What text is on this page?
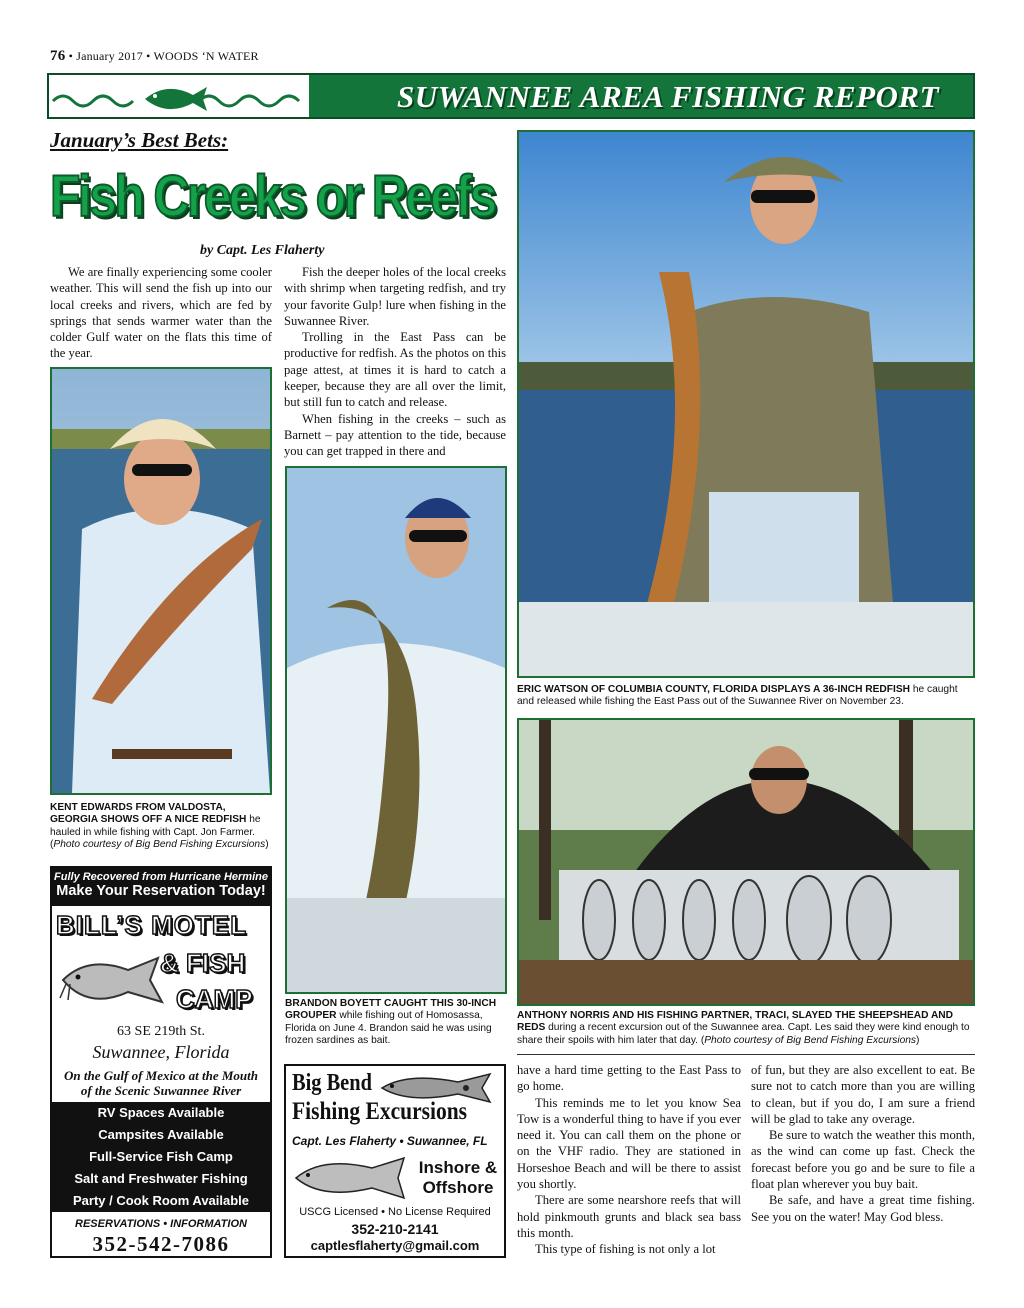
76 • January 2017 • WOODS ‘N WATER
SUWANNEE AREA FISHING REPORT
January’s Best Bets:
Fish Creeks or Reefs
by Capt. Les Flaherty

We are finally experiencing some cooler weather. This will send the fish up into our local creeks and rivers, which are fed by springs that sends warmer water than the colder Gulf water on the flats this time of the year.

Fish the deeper holes of the local creeks with shrimp when targeting redfish, and try your favorite Gulp! lure when fishing in the Suwannee River.

Trolling in the East Pass can be productive for redfish. As the photos on this page attest, at times it is hard to catch a keeper, because they are all over the limit, but still fun to catch and release.

When fishing in the creeks – such as Barnett – pay attention to the tide, because you can get trapped in there and

KENT EDWARDS FROM VALDOSTA, GEORGIA SHOWS OFF A NICE REDFISH he hauled in while fishing with Capt. Jon Farmer. (Photo courtesy of Big Bend Fishing Excursions)
BRANDON BOYETT CAUGHT THIS 30-INCH GROUPER while fishing out of Homosassa, Florida on June 4. Brandon said he was using frozen sardines as bait.
ERIC WATSON OF COLUMBIA COUNTY, FLORIDA DISPLAYS A 36-INCH REDFISH he caught and released while fishing the East Pass out of the Suwannee River on November 23.
ANTHONY NORRIS AND HIS FISHING PARTNER, TRACI, SLAYED THE SHEEPSHEAD AND REDS during a recent excursion out of the Suwannee area. Capt. Les said they were kind enough to share their spoils with him later that day. (Photo courtesy of Big Bend Fishing Excursions)

have a hard time getting to the East Pass to go home.

This reminds me to let you know Sea Tow is a wonderful thing to have if you ever need it. You can call them on the phone or on the VHF radio. They are stationed in Horseshoe Beach and will be there to assist you shortly.

There are some nearshore reefs that will hold pinkmouth grunts and black sea bass this month.

This type of fishing is not only a lot

of fun, but they are also excellent to eat. Be sure not to catch more than you are willing to clean, but if you do, I am sure a friend will be glad to take any overage.

Be sure to watch the weather this month, as the wind can come up fast. Check the forecast before you go and be sure to file a float plan wherever you buy bait.

Be safe, and have a great time fishing. See you on the water! May God bless.

Fully Recovered from Hurricane Hermine
Make Your Reservation Today!
BILL’S MOTEL
& FISH
CAMP
63 SE 219th St.
Suwannee, Florida
On the Gulf of Mexico at the Mouth of the Scenic Suwannee River
RV Spaces Available
Campsites Available
Full-Service Fish Camp
Salt and Freshwater Fishing
Party / Cook Room Available
RESERVATIONS • INFORMATION
352-542-7086
Big Bend
Fishing Excursions
Capt. Les Flaherty • Suwannee, FL
Inshore &
Offshore
USCG Licensed • No License Required
352-210-2141
captlesflaherty@gmail.com
